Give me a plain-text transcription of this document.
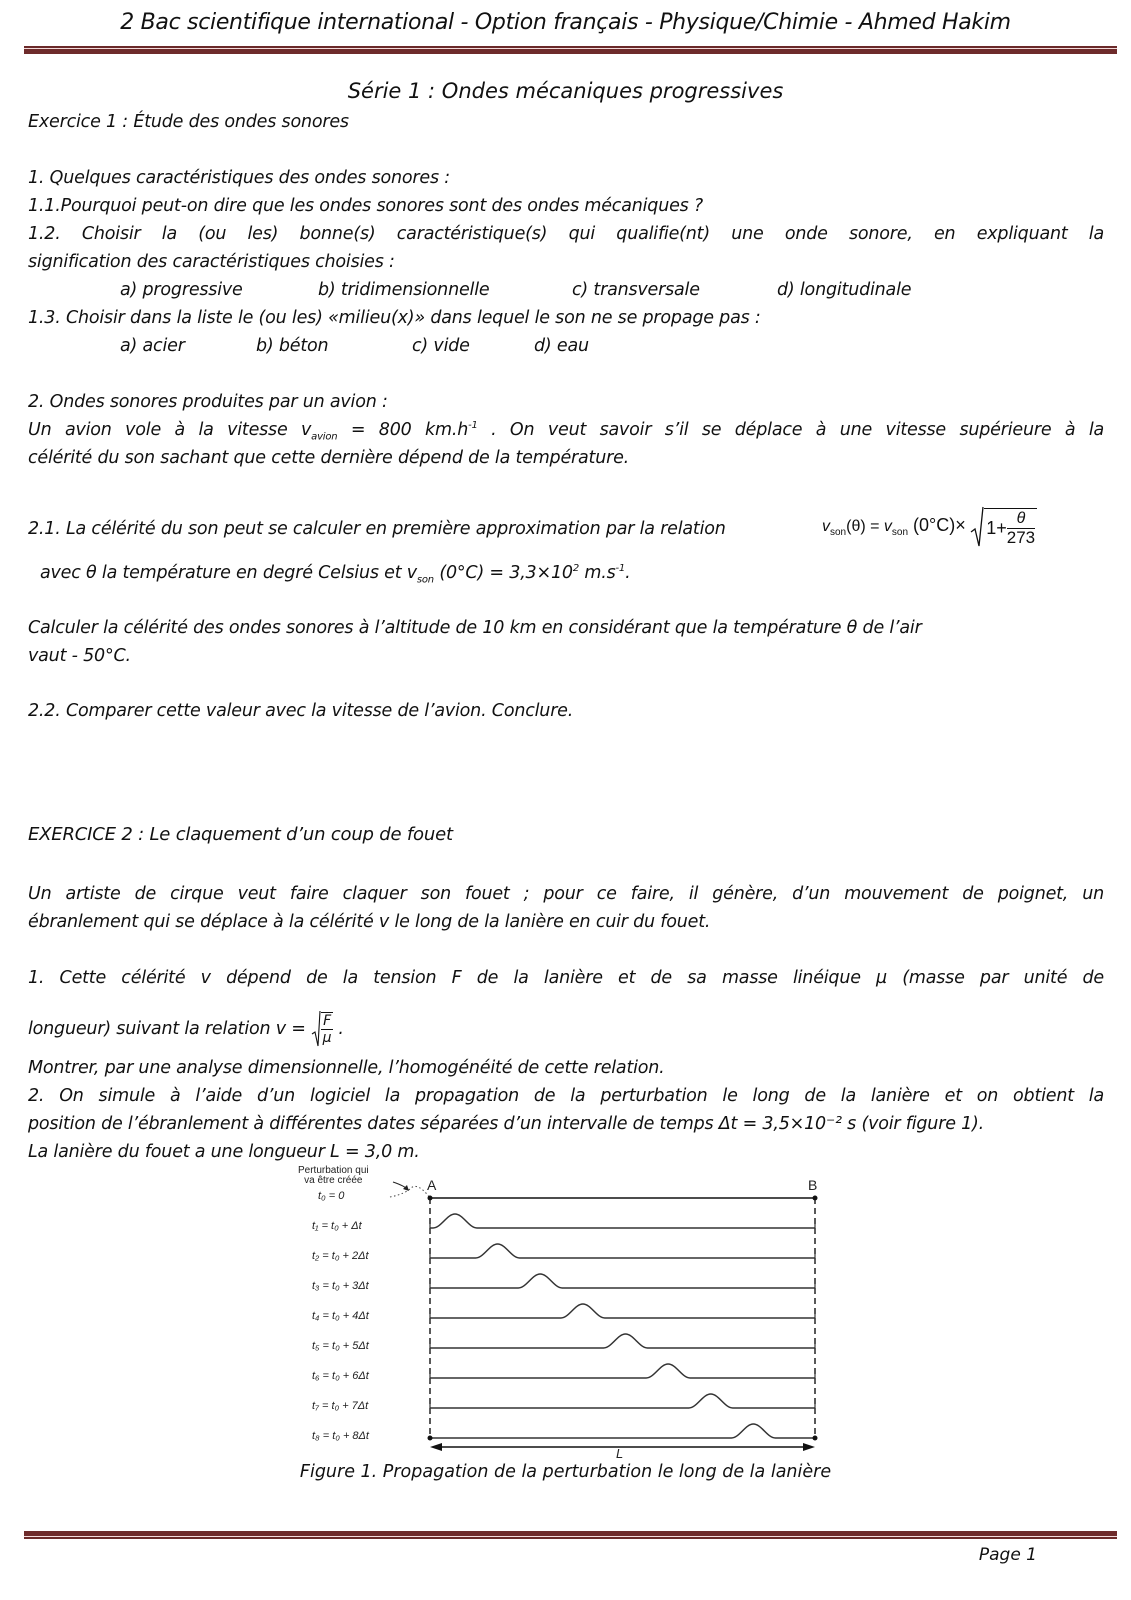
2 Bac scientifique international - Option français - Physique/Chimie - Ahmed Hakim
Série 1 : Ondes mécaniques progressives
Exercice 1 : Étude des ondes sonores
1. Quelques caractéristiques des ondes sonores :
1.1.Pourquoi peut-on dire que les ondes sonores sont des ondes mécaniques ?
1.2. Choisir la (ou les) bonne(s) caractéristique(s) qui qualifie(nt) une onde sonore, en expliquant la
signification des caractéristiques choisies :
a) progressive	b) tridimensionnelle	c) transversale	d) longitudinale
1.3. Choisir dans la liste le (ou les) «milieu(x)» dans lequel le son ne se propage pas :
a) acier	b) béton	c) vide	d) eau
2. Ondes sonores produites par un avion :
Un avion vole à la vitesse $v_{avion} = 800$ $km.h^{-1}$ . On veut savoir s’il se déplace à une vitesse supérieure à la
célérité du son sachant que cette dernière dépend de la température.
2.1. La célérité du son peut se calculer en première approximation par la relation	$v_{son}(\theta) = v_{son}$ $(0^\circ C)\times 1+ \frac{\theta}{273}$
avec θ la température en degré Celsius et $v_{son}$ $(0^\circ C) = 3,3\times 10^2$ $m.s^{-1}$.
Calculer la célérité des ondes sonores à l’altitude de 10 km en considérant que la température θ de l’air
vaut - 50°C.
2.2. Comparer cette valeur avec la vitesse de l’avion. Conclure.
EXERCICE 2 : Le claquement d’un coup de fouet
Un artiste de cirque veut faire claquer son fouet ; pour ce faire, il génère, d’un mouvement de poignet, un
ébranlement qui se déplace à la célérité v le long de la lanière en cuir du fouet.
1. Cette célérité v dépend de la tension F de la lanière et de sa masse linéique µ (masse par unité de
longueur) suivant la relation $v = \frac{F}{\text{µ}}$ .
Montrer, par une analyse dimensionnelle, l’homogénéité de cette relation.
2. On simule à l’aide d’un logiciel la propagation de la perturbation le long de la lanière et on obtient la
position de l’ébranlement à différentes dates séparées d’un intervalle de temps Δt = 3,5×10⁻² s (voir figure 1).
La lanière du fouet a une longueur L = 3,0 m.
Perturbation qui
va être créée	A	B
L
t₀ = 0
t₁ = t₀ + Δt
t₂ = t₀ + 2Δt
t₃ = t₀ + 3Δt
t₄ = t₀ + 4Δt
t₅ = t₀ + 5Δt
t₆ = t₀ + 6Δt
t₇ = t₀ + 7Δt
t₈ = t₀ + 8Δt
Figure 1. Propagation de la perturbation le long de la lanière
Page 1
